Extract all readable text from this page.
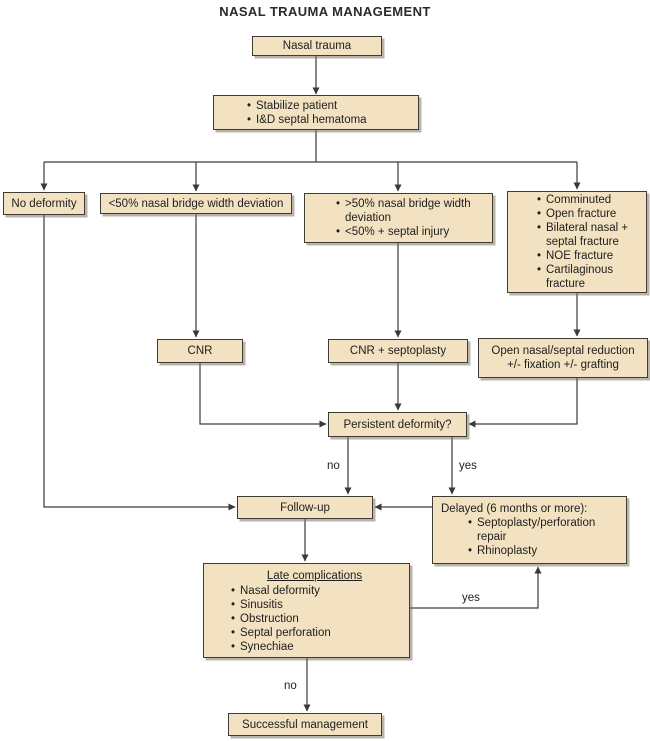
NASAL TRAUMA MANAGEMENT
Nasal trauma
• Stabilize patient
• I&D septal hematoma
No deformity	<50% nasal bridge width deviation	• >50% nasal bridge width deviation
• <50% + septal injury
• Comminuted
• Open fracture
• Bilateral nasal + septal fracture
• NOE fracture
• Cartilaginous fracture
CNR	CNR + septoplasty	Open nasal/septal reduction
+/- fixation +/- grafting
Persistent deformity?
Follow-up	Delayed (6 months or more):
• Septoplasty/perforation repair
• Rhinoplasty
Late complications
• Nasal deformity
• Sinusitis
• Obstruction
• Septal perforation
• Synechiae
Successful management
no	yes
yes
no
